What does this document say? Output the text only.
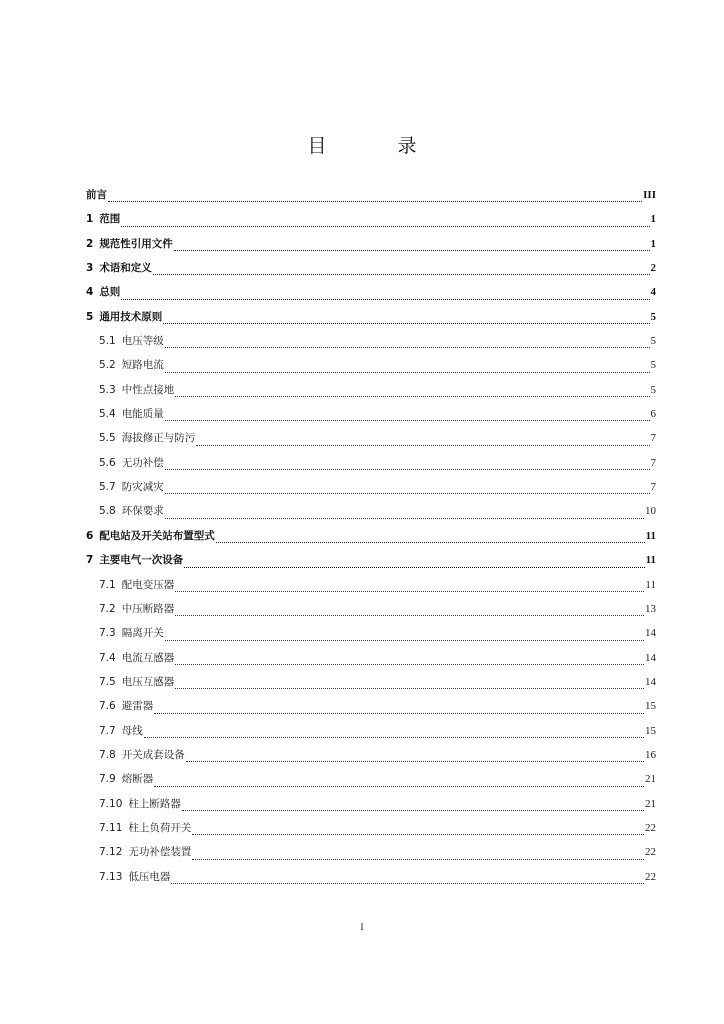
目　录
前言	III
1 范围	1
2 规范性引用文件	1
3 术语和定义	2
4 总则	4
5 通用技术原则	5
5.1 电压等级	5
5.2 短路电流	5
5.3 中性点接地	5
5.4 电能质量	6
5.5 海拔修正与防污	7
5.6 无功补偿	7
5.7 防灾减灾	7
5.8 环保要求	10
6 配电站及开关站布置型式	11
7 主要电气一次设备	11
7.1 配电变压器	11
7.2 中压断路器	13
7.3 隔离开关	14
7.4 电流互感器	14
7.5 电压互感器	14
7.6 避雷器	15
7.7 母线	15
7.8 开关成套设备	16
7.9 熔断器	21
7.10 柱上断路器	21
7.11 柱上负荷开关	22
7.12 无功补偿装置	22
7.13 低压电器	22
I
